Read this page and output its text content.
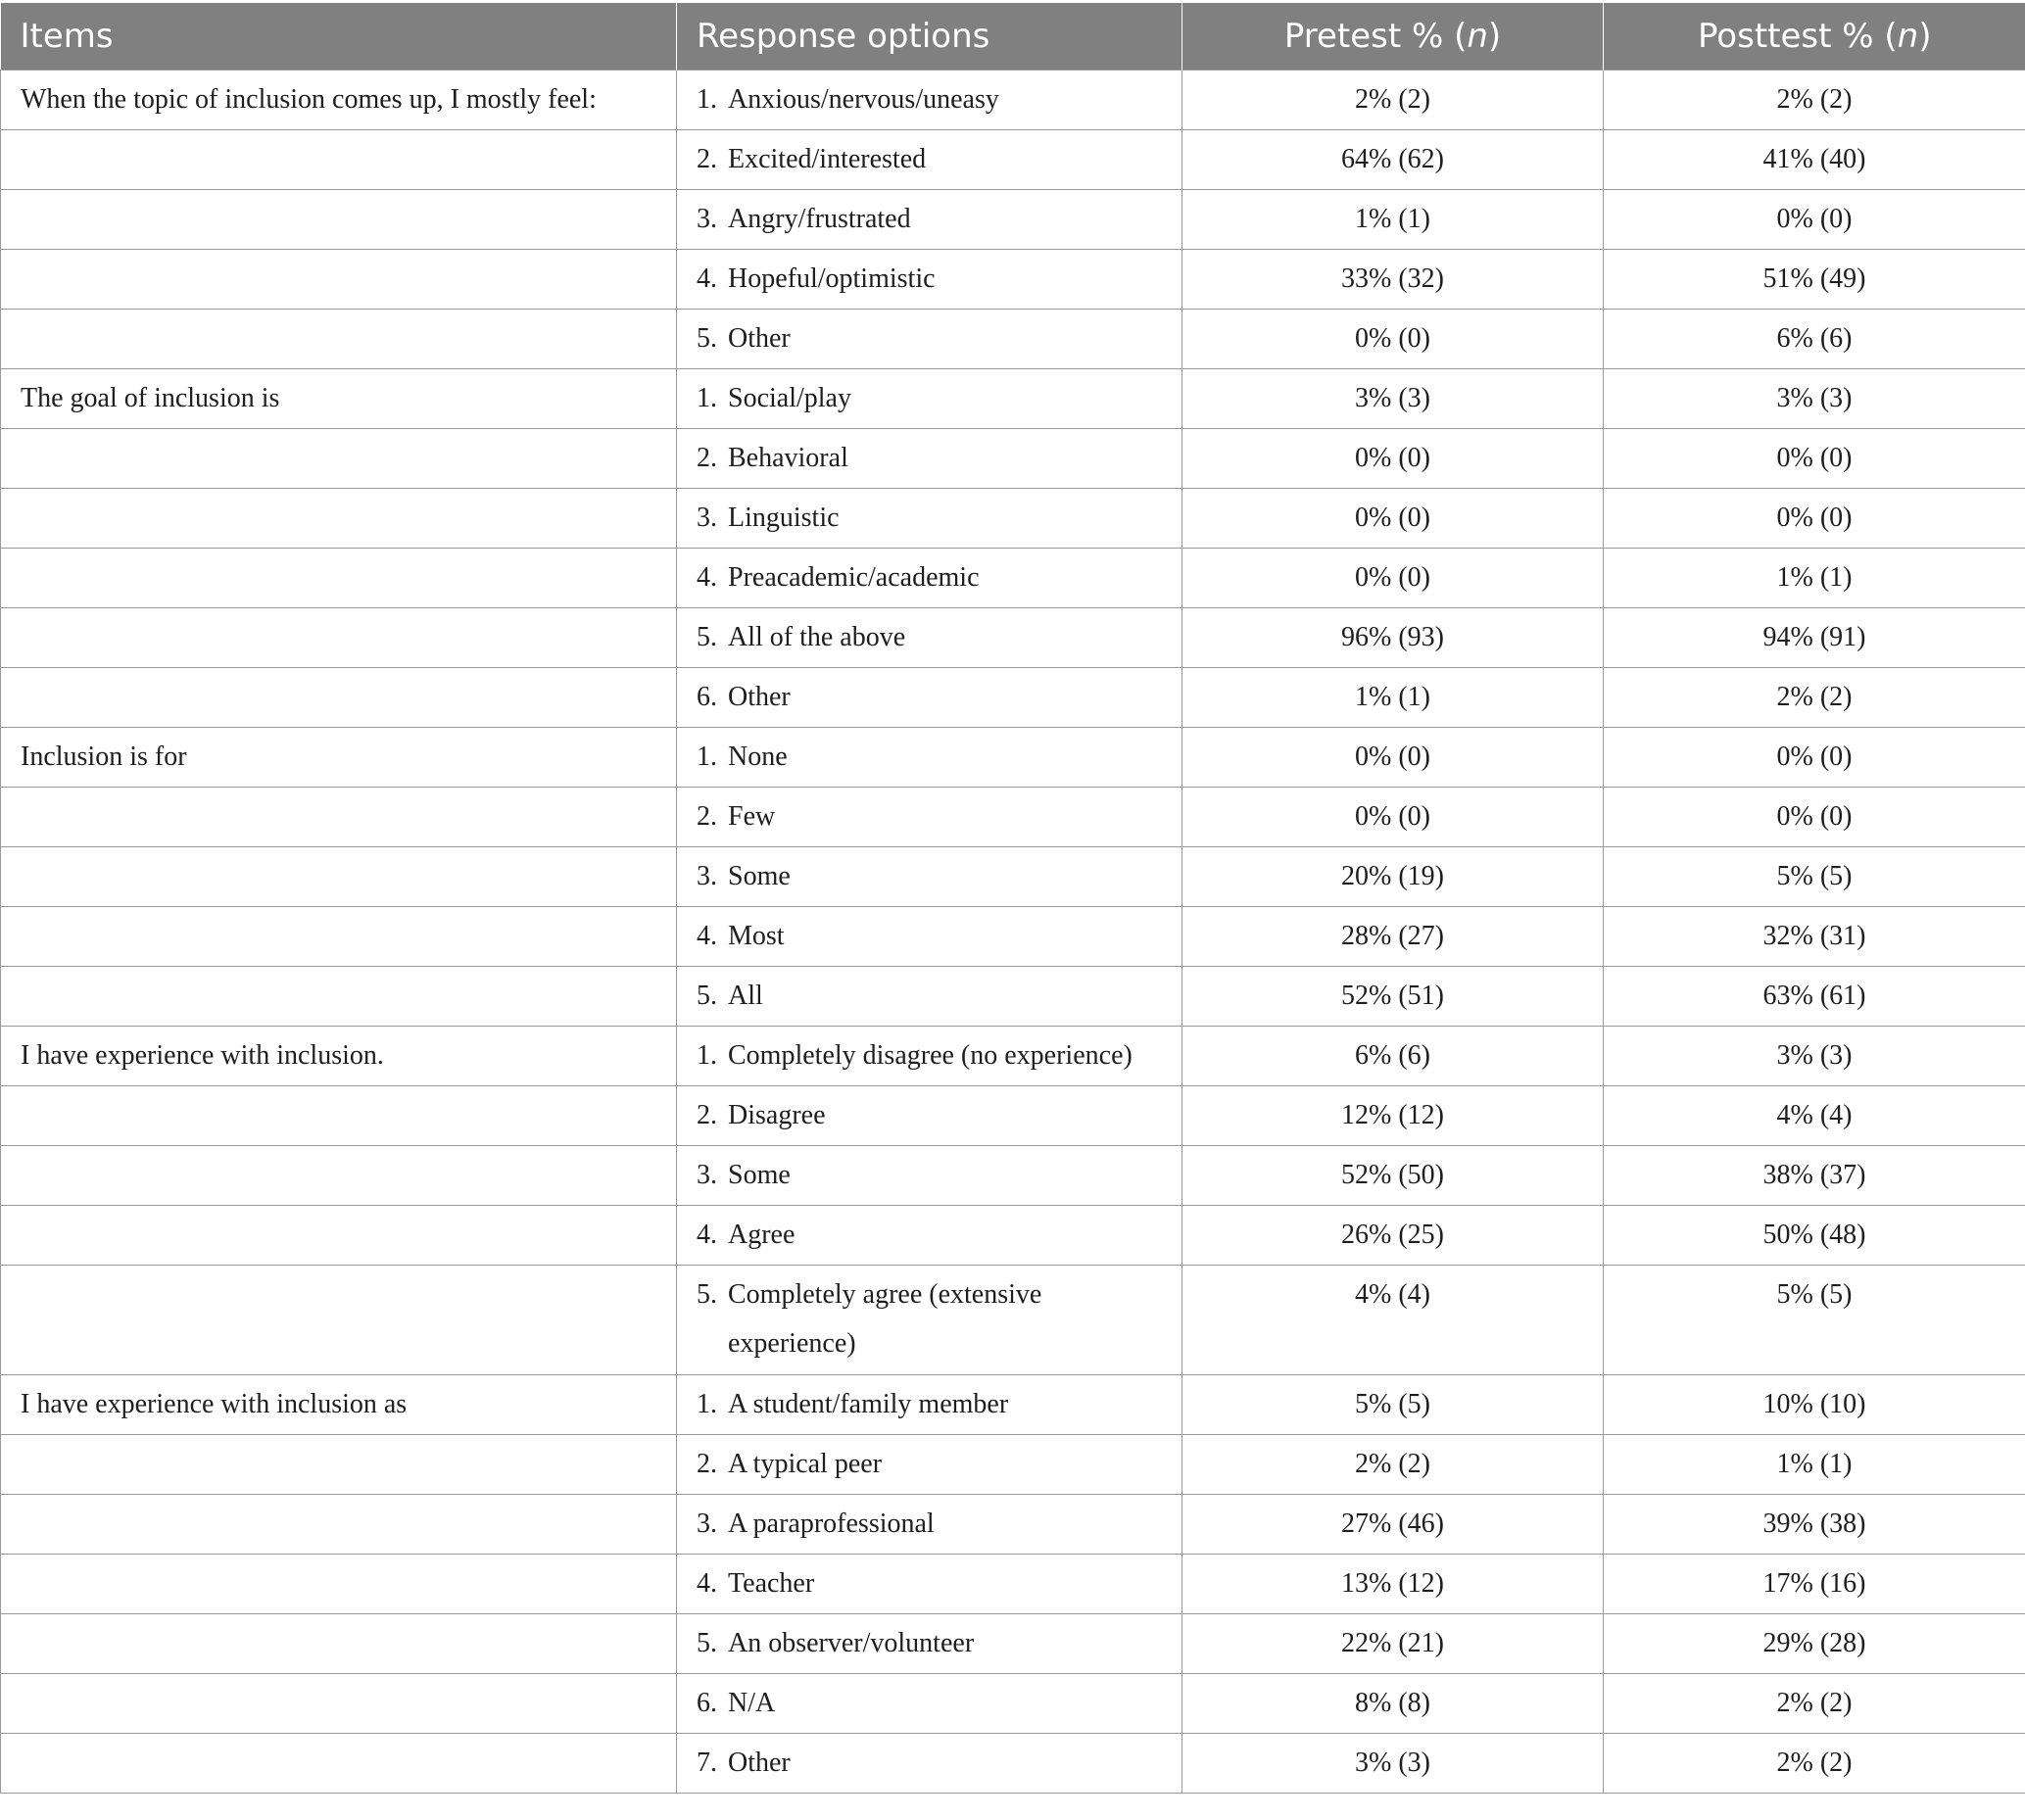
Items	Response options	Pretest % (n)	Posttest % (n)
When the topic of inclusion comes up, I mostly feel:	1. Anxious/nervous/uneasy	2% (2)	2% (2)

	2. Excited/interested	64% (62)	41% (40)

	3. Angry/frustrated	1% (1)	0% (0)

	4. Hopeful/optimistic	33% (32)	51% (49)

	5. Other	0% (0)	6% (6)
The goal of inclusion is	1. Social/play	3% (3)	3% (3)

	2. Behavioral	0% (0)	0% (0)

	3. Linguistic	0% (0)	0% (0)

	4. Preacademic/academic	0% (0)	1% (1)

	5. All of the above	96% (93)	94% (91)

	6. Other	1% (1)	2% (2)
Inclusion is for	1. None	0% (0)	0% (0)

	2. Few	0% (0)	0% (0)

	3. Some	20% (19)	5% (5)

	4. Most	28% (27)	32% (31)

	5. All	52% (51)	63% (61)
I have experience with inclusion.	1. Completely disagree (no experience)	6% (6)	3% (3)

	2. Disagree	12% (12)	4% (4)

	3. Some	52% (50)	38% (37)

	4. Agree	26% (25)	50% (48)

	5. Completely agree (extensive experience)	4% (4)	5% (5)
I have experience with inclusion as	1. A student/family member	5% (5)	10% (10)

	2. A typical peer	2% (2)	1% (1)

	3. A paraprofessional	27% (46)	39% (38)

	4. Teacher	13% (12)	17% (16)

	5. An observer/volunteer	22% (21)	29% (28)

	6. N/A	8% (8)	2% (2)

	7. Other	3% (3)	2% (2)
